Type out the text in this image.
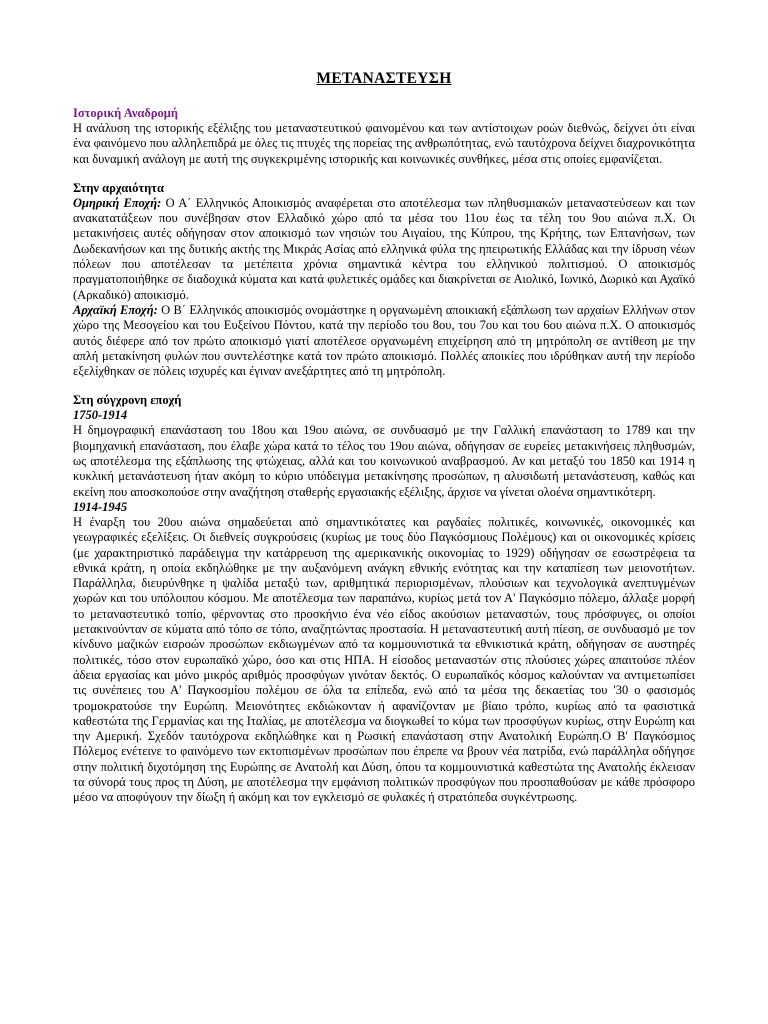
ΜΕΤΑΝΑΣΤΕΥΣΗ
Ιστορική Αναδρομή

Η ανάλυση της ιστορικής εξέλιξης του μεταναστευτικού φαινομένου και των αντίστοιχων ροών διεθνώς, δείχνει ότι είναι ένα φαινόμενο που αλληλεπιδρά με όλες τις πτυχές της πορείας της ανθρωπότητας, ενώ ταυτόχρονα δείχνει διαχρονικότητα και δυναμική ανάλογη με αυτή της συγκεκριμένης ιστορικής και κοινωνικές συνθήκες, μέσα στις οποίες εμφανίζεται.

Στην αρχαιότητα

Ομηρική Εποχή: Ο Α΄ Ελληνικός Αποικισμός αναφέρεται στο αποτέλεσμα των πληθυσμιακών μεταναστεύσεων και των ανακατατάξεων που συνέβησαν στον Ελλαδικό χώρο από τα μέσα του 11ου έως τα τέλη του 9ου αιώνα π.Χ. Οι μετακινήσεις αυτές οδήγησαν στον αποικισμό των νησιών του Αιγαίου, της Κύπρου, της Κρήτης, των Επτανήσων, των Δωδεκανήσων και της δυτικής ακτής της Μικράς Ασίας από ελληνικά φύλα της ηπειρωτικής Ελλάδας και την ίδρυση νέων πόλεων που αποτέλεσαν τα μετέπειτα χρόνια σημαντικά κέντρα του ελληνικού πολιτισμού. Ο αποικισμός πραγματοποιήθηκε σε διαδοχικά κύματα και κατά φυλετικές ομάδες και διακρίνεται σε Αιολικό, Ιωνικό, Δωρικό και Αχαϊκό (Αρκαδικό) αποικισμό.

Αρχαϊκή Εποχή: Ο Β΄ Ελληνικός αποικισμός ονομάστηκε η οργανωμένη αποικιακή εξάπλωση των αρχαίων Ελλήνων στον χώρο της Μεσογείου και του Ευξείνου Πόντου, κατά την περίοδο του 8ου, του 7ου και του 6ου αιώνα π.Χ. Ο αποικισμός αυτός διέφερε από τον πρώτο αποικισμό γιατί αποτέλεσε οργανωμένη επιχείρηση από τη μητρόπολη σε αντίθεση με την απλή μετακίνηση φυλών που συντελέστηκε κατά τον πρώτο αποικισμό. Πολλές αποικίες που ιδρύθηκαν αυτή την περίοδο εξελίχθηκαν σε πόλεις ισχυρές και έγιναν ανεξάρτητες από τη μητρόπολη.

Στη σύγχρονη εποχή
1750-1914

Η δημογραφική επανάσταση του 18ου και 19ου αιώνα, σε συνδυασμό με την Γαλλική επανάσταση το 1789 και την βιομηχανική επανάσταση, που έλαβε χώρα κατά το τέλος του 19ου αιώνα, οδήγησαν σε ευρείες μετακινήσεις πληθυσμών, ως αποτέλεσμα της εξάπλωσης της φτώχειας, αλλά και του κοινωνικού αναβρασμού. Αν και μεταξύ του 1850 και 1914 η κυκλική μετανάστευση ήταν ακόμη το κύριο υπόδειγμα μετακίνησης προσώπων, η αλυσιδωτή μετανάστευση, καθώς και εκείνη που αποσκοπούσε στην αναζήτηση σταθερής εργασιακής εξέλιξης, άρχισε να γίνεται ολοένα σημαντικότερη.

1914-1945

Η έναρξη του 20ου αιώνα σημαδεύεται από σημαντικότατες και ραγδαίες πολιτικές, κοινωνικές, οικονομικές και γεωγραφικές εξελίξεις. Οι διεθνείς συγκρούσεις (κυρίως με τους δύο Παγκόσμιους Πολέμους) και οι οικονομικές κρίσεις (με χαρακτηριστικό παράδειγμα την κατάρρευση της αμερικανικής οικονομίας το 1929) οδήγησαν σε εσωστρέφεια τα εθνικά κράτη, η οποία εκδηλώθηκε με την αυξανόμενη ανάγκη εθνικής ενότητας και την καταπίεση των μειονοτήτων. Παράλληλα, διευρύνθηκε η ψαλίδα μεταξύ των, αριθμητικά περιορισμένων, πλούσιων και τεχνολογικά ανεπτυγμένων χωρών και του υπόλοιπου κόσμου. Με αποτέλεσμα των παραπάνω, κυρίως μετά τον Α' Παγκόσμιο πόλεμο, άλλαξε μορφή το μεταναστευτικό τοπίο, φέρνοντας στο προσκήνιο ένα νέο είδος ακούσιων μεταναστών, τους πρόσφυγες, οι οποίοι μετακινούνταν σε κύματα από τόπο σε τόπο, αναζητώντας προστασία. Η μεταναστευτική αυτή πίεση, σε συνδυασμό με τον κίνδυνο μαζικών εισροών προσώπων εκδιωγμένων από τα κομμουνιστικά τα εθνικιστικά κράτη, οδήγησαν σε αυστηρές πολιτικές, τόσο στον ευρωπαϊκό χώρο, όσο και στις ΗΠΑ. Η είσοδος μεταναστών στις πλούσιες χώρες απαιτούσε πλέον άδεια εργασίας και μόνο μικρός αριθμός προσφύγων γινόταν δεκτός. Ο ευρωπαϊκός κόσμος καλούνταν να αντιμετωπίσει τις συνέπειες του Α' Παγκοσμίου πολέμου σε όλα τα επίπεδα, ενώ από τα μέσα της δεκαετίας του '30 ο φασισμός τρομοκρατούσε την Ευρώπη. Μειονότητες εκδιώκονταν ή αφανίζονταν με βίαιο τρόπο, κυρίως από τα φασιστικά καθεστώτα της Γερμανίας και της Ιταλίας, με αποτέλεσμα να διογκωθεί το κύμα των προσφύγων κυρίως, στην Ευρώπη και την Αμερική. Σχεδόν ταυτόχρονα εκδηλώθηκε και η Ρωσική επανάσταση στην Ανατολική Ευρώπη.Ο Β' Παγκόσμιος Πόλεμος ενέτεινε το φαινόμενο των εκτοπισμένων προσώπων που έπρεπε να βρουν νέα πατρίδα, ενώ παράλληλα οδήγησε στην πολιτική διχοτόμηση της Ευρώπης σε Ανατολή και Δύση, όπου τα κομμουνιστικά καθεστώτα της Ανατολής έκλεισαν τα σύνορά τους προς τη Δύση, με αποτέλεσμα την εμφάνιση πολιτικών προσφύγων που προσπαθούσαν με κάθε πρόσφορο μέσο να αποφύγουν την δίωξη ή ακόμη και τον εγκλεισμό σε φυλακές ή στρατόπεδα συγκέντρωσης.
